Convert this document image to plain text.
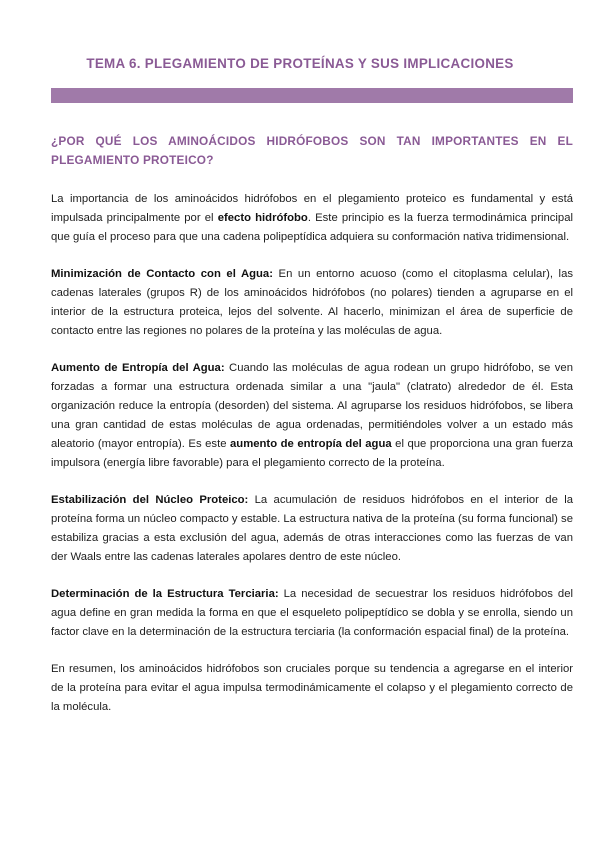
TEMA 6. PLEGAMIENTO DE PROTEÍNAS Y SUS IMPLICACIONES
¿POR QUÉ LOS AMINOÁCIDOS HIDRÓFOBOS SON TAN IMPORTANTES EN EL PLEGAMIENTO PROTEICO?

La importancia de los aminoácidos hidrófobos en el plegamiento proteico es fundamental y está impulsada principalmente por el efecto hidrófobo. Este principio es la fuerza termodinámica principal que guía el proceso para que una cadena polipeptídica adquiera su conformación nativa tridimensional.

Minimización de Contacto con el Agua: En un entorno acuoso (como el citoplasma celular), las cadenas laterales (grupos R) de los aminoácidos hidrófobos (no polares) tienden a agruparse en el interior de la estructura proteica, lejos del solvente. Al hacerlo, minimizan el área de superficie de contacto entre las regiones no polares de la proteína y las moléculas de agua.

Aumento de Entropía del Agua: Cuando las moléculas de agua rodean un grupo hidrófobo, se ven forzadas a formar una estructura ordenada similar a una "jaula" (clatrato) alrededor de él. Esta organización reduce la entropía (desorden) del sistema. Al agruparse los residuos hidrófobos, se libera una gran cantidad de estas moléculas de agua ordenadas, permitiéndoles volver a un estado más aleatorio (mayor entropía). Es este aumento de entropía del agua el que proporciona una gran fuerza impulsora (energía libre favorable) para el plegamiento correcto de la proteína.

Estabilización del Núcleo Proteico: La acumulación de residuos hidrófobos en el interior de la proteína forma un núcleo compacto y estable. La estructura nativa de la proteína (su forma funcional) se estabiliza gracias a esta exclusión del agua, además de otras interacciones como las fuerzas de van der Waals entre las cadenas laterales apolares dentro de este núcleo.

Determinación de la Estructura Terciaria: La necesidad de secuestrar los residuos hidrófobos del agua define en gran medida la forma en que el esqueleto polipeptídico se dobla y se enrolla, siendo un factor clave en la determinación de la estructura terciaria (la conformación espacial final) de la proteína.

En resumen, los aminoácidos hidrófobos son cruciales porque su tendencia a agregarse en el interior de la proteína para evitar el agua impulsa termodinámicamente el colapso y el plegamiento correcto de la molécula.
